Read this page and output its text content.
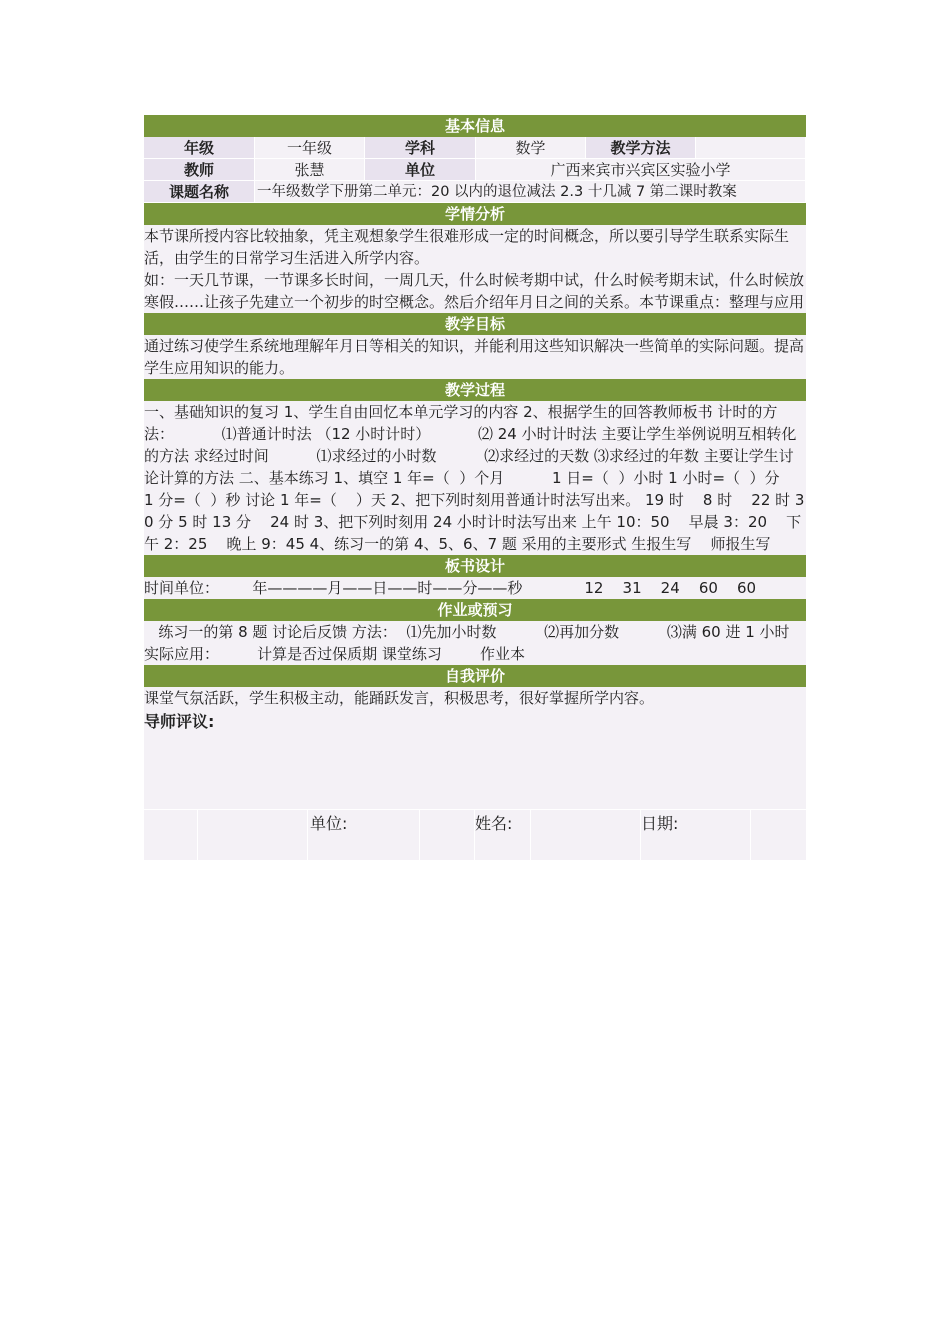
基本信息
年级	一年级	学科	数学	教学方法
教师	张慧	单位	广西来宾市兴宾区实验小学
课题名称	一年级数学下册第二单元：20 以内的退位减法 2.3 十几减 7 第二课时教案
学情分析
本节课所授内容比较抽象，凭主观想象学生很难形成一定的时间概念，所以要引导学生联系实际生活，由学生的日常学习生活进入所学内容。
如：一天几节课，一节课多长时间，一周几天，什么时候考期中试，什么时候考期末试，什么时候放寒假……让孩子先建立一个初步的时空概念。然后介绍年月日之间的关系。本节课重点：整理与应用
教学目标
通过练习使学生系统地理解年月日等相关的知识，并能利用这些知识解决一些简单的实际问题。提高学生应用知识的能力。
教学过程
一、基础知识的复习 1、学生自由回忆本单元学习的内容 2、根据学生的回答教师板书 计时的方法：          ⑴普通计时法 （12 小时计时）          ⑵ 24 小时计时法 主要让学生举例说明互相转化的方法 求经过时间          ⑴求经过的小时数          ⑵求经过的天数 ⑶求经过的年数 主要让学生讨论计算的方法 二、基本练习 1、填空 1 年=（  ）个月          1 日=（  ）小时 1 小时=（  ）分          1 分=（  ）秒 讨论 1 年=（    ）天 2、把下列时刻用普通计时法写出来。 19 时    8 时    22 时 30 分 5 时 13 分    24 时 3、把下列时刻用 24 小时计时法写出来 上午 10：50    早晨 3：20    下午 2：25    晚上 9：45 4、练习一的第 4、5、6、7 题 采用的主要形式 生报生写    师报生写
板书设计
时间单位：       年————月——日——时——分——秒             12    31    24    60    60
作业或预习
练习一的第 8 题 讨论后反馈 方法：  ⑴先加小时数          ⑵再加分数          ⑶满 60 进 1 小时      实际应用：        计算是否过保质期 课堂练习        作业本
自我评价
课堂气氛活跃，学生积极主动，能踊跃发言，积极思考，很好掌握所学内容。
导师评议:
单位:	姓名:	日期:
